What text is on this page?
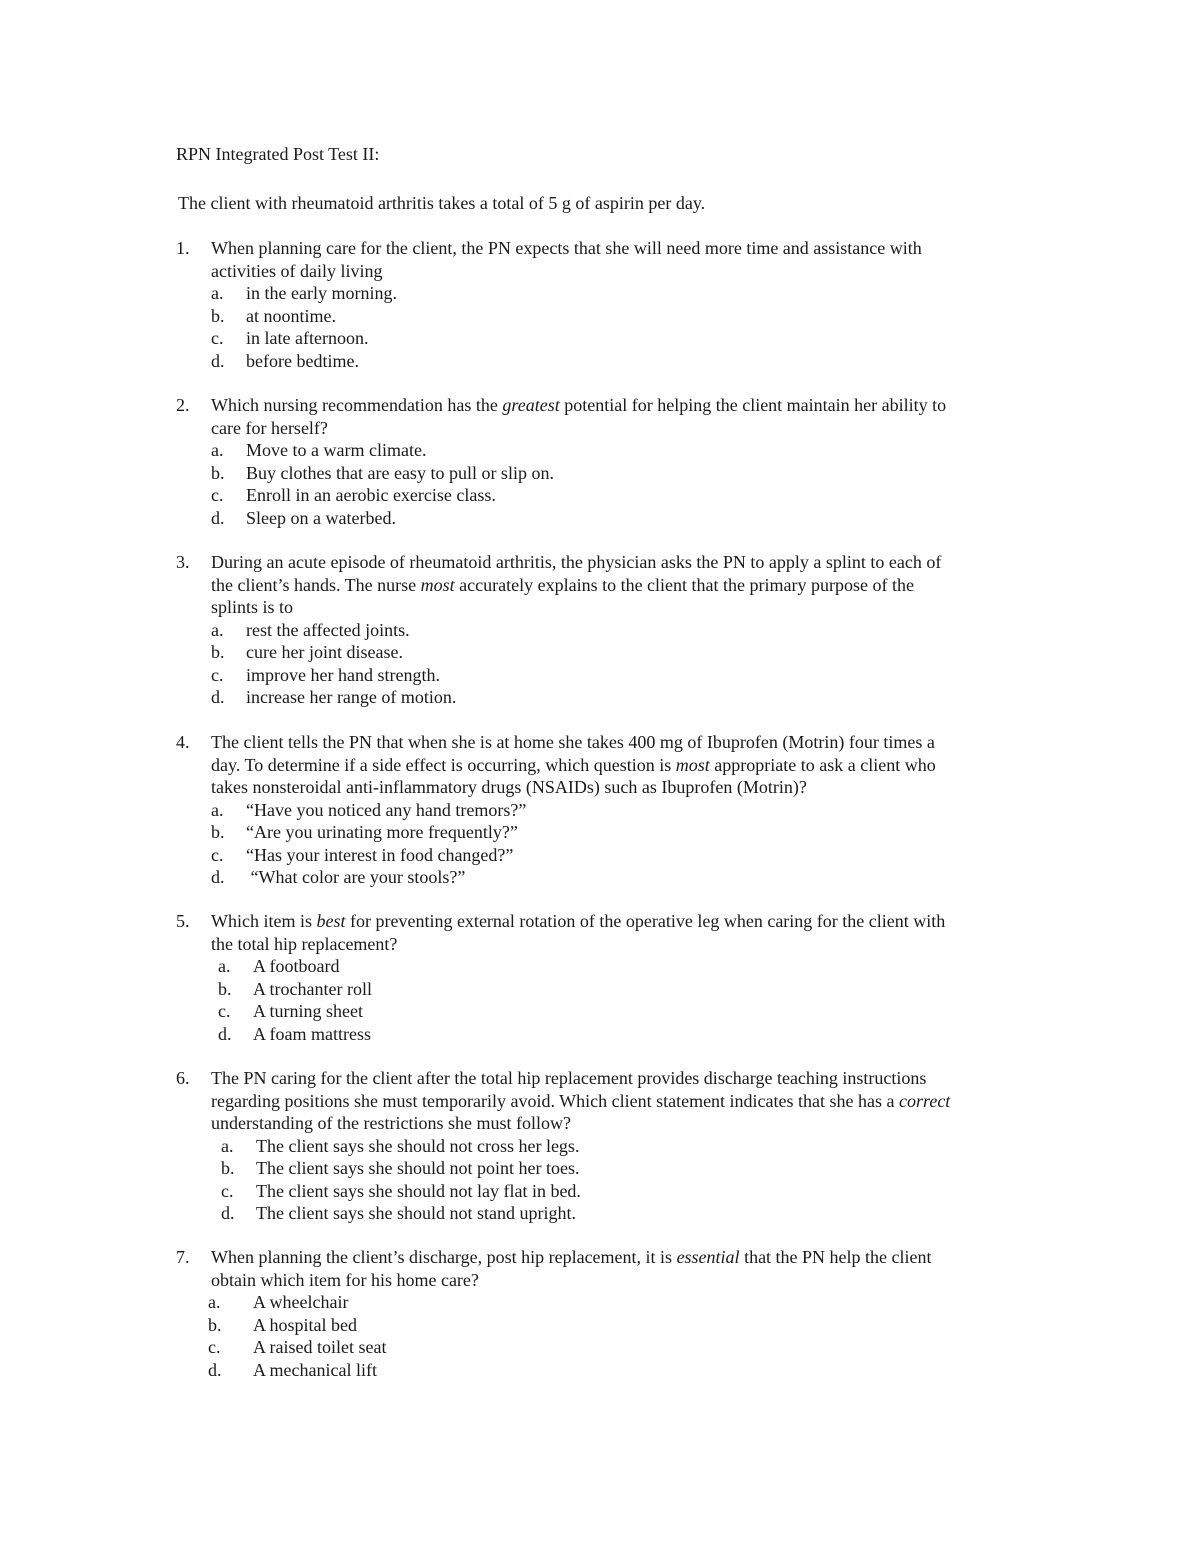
RPN Integrated Post Test II:
The client with rheumatoid arthritis takes a total of 5 g of aspirin per day.
1. When planning care for the client, the PN expects that she will need more time and assistance with
activities of daily living
a. in the early morning.
b. at noontime.
c. in late afternoon.
d. before bedtime.
2. Which nursing recommendation has the greatest potential for helping the client maintain her ability to
care for herself?
a. Move to a warm climate.
b. Buy clothes that are easy to pull or slip on.
c. Enroll in an aerobic exercise class.
d. Sleep on a waterbed.
3. During an acute episode of rheumatoid arthritis, the physician asks the PN to apply a splint to each of
the client’s hands. The nurse most accurately explains to the client that the primary purpose of the
splints is to
a. rest the affected joints.
b. cure her joint disease.
c. improve her hand strength.
d. increase her range of motion.
4. The client tells the PN that when she is at home she takes 400 mg of Ibuprofen (Motrin) four times a
day. To determine if a side effect is occurring, which question is most appropriate to ask a client who
takes nonsteroidal anti-inflammatory drugs (NSAIDs) such as Ibuprofen (Motrin)?
a. “Have you noticed any hand tremors?”
b. “Are you urinating more frequently?”
c. “Has your interest in food changed?”
d. “What color are your stools?”
5. Which item is best for preventing external rotation of the operative leg when caring for the client with
the total hip replacement?
a. A footboard
b. A trochanter roll
c. A turning sheet
d. A foam mattress
6. The PN caring for the client after the total hip replacement provides discharge teaching instructions
regarding positions she must temporarily avoid. Which client statement indicates that she has a correct
understanding of the restrictions she must follow?
a. The client says she should not cross her legs.
b. The client says she should not point her toes.
c. The client says she should not lay flat in bed.
d. The client says she should not stand upright.
7. When planning the client’s discharge, post hip replacement, it is essential that the PN help the client
obtain which item for his home care?
a. A wheelchair
b. A hospital bed
c. A raised toilet seat
d. A mechanical lift
